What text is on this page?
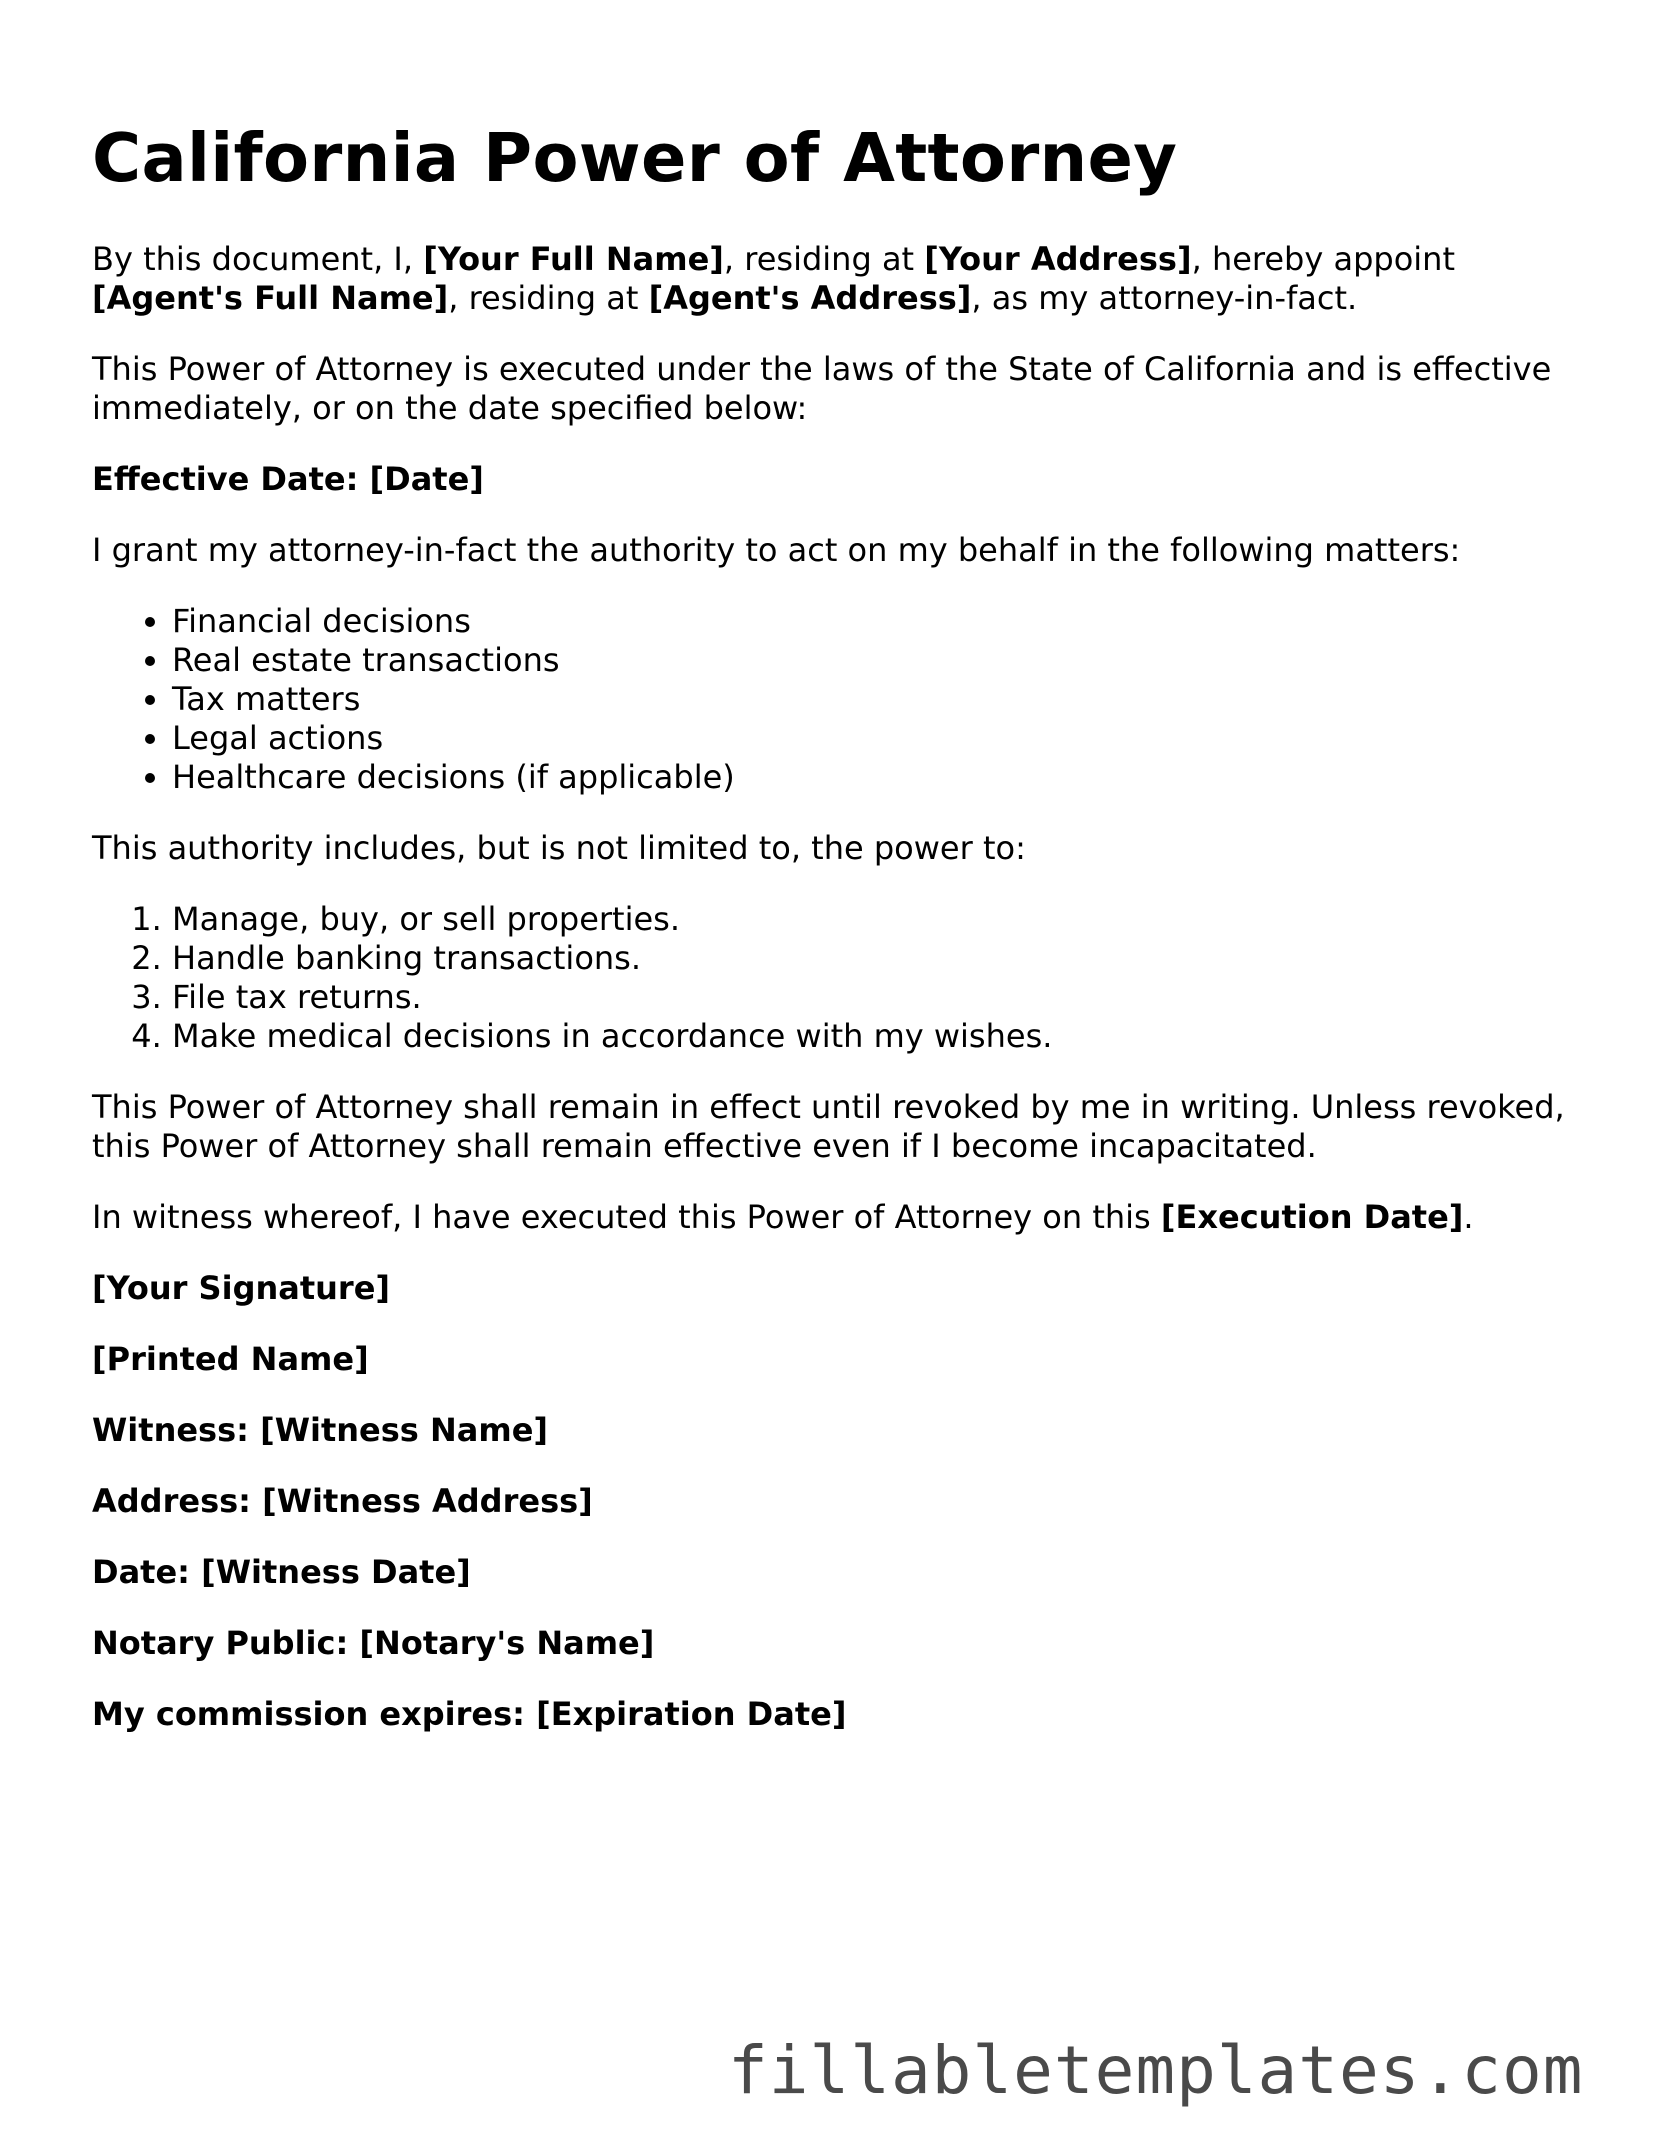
California Power of Attorney

By this document, I, [Your Full Name], residing at [Your Address], hereby appoint [Agent's Full Name], residing at [Agent's Address], as my attorney-in-fact.

This Power of Attorney is executed under the laws of the State of California and is effective immediately, or on the date specified below:

Effective Date: [Date]

I grant my attorney-in-fact the authority to act on my behalf in the following matters:

• Financial decisions
• Real estate transactions
• Tax matters
• Legal actions
• Healthcare decisions (if applicable)

This authority includes, but is not limited to, the power to:

1. Manage, buy, or sell properties.
2. Handle banking transactions.
3. File tax returns.
4. Make medical decisions in accordance with my wishes.

This Power of Attorney shall remain in effect until revoked by me in writing. Unless revoked, this Power of Attorney shall remain effective even if I become incapacitated.

In witness whereof, I have executed this Power of Attorney on this [Execution Date].

[Your Signature]

[Printed Name]

Witness: [Witness Name]

Address: [Witness Address]

Date: [Witness Date]

Notary Public: [Notary's Name]

My commission expires: [Expiration Date]

fillabletemplates.com
